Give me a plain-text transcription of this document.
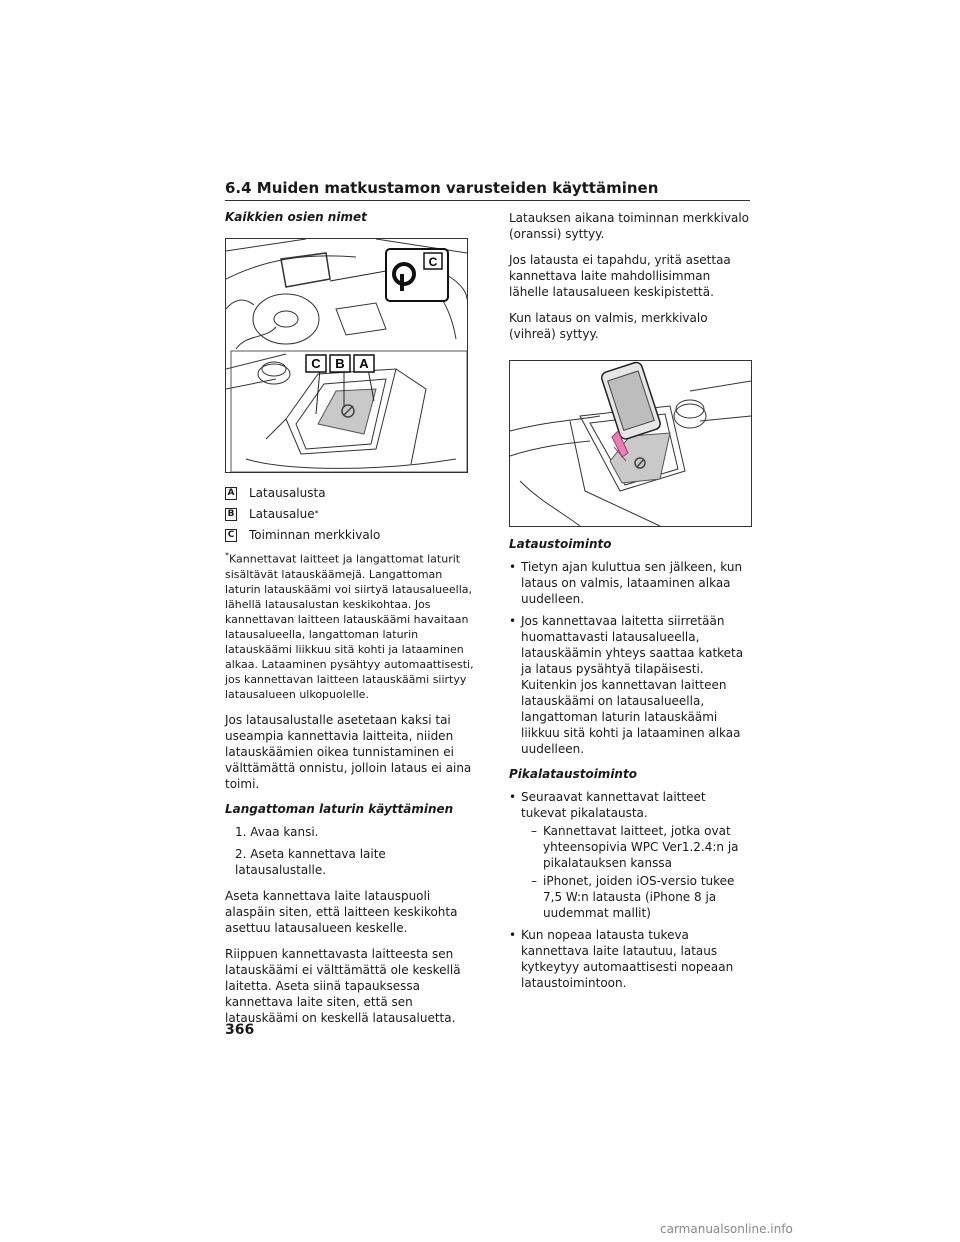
6.4 Muiden matkustamon varusteiden käyttäminen
Kaikkien osien nimet
C
C B A
A Latausalusta
B Latausalue *
C Toiminnan merkkivalo

*Kannettavat laitteet ja langattomat laturit sisältävät latauskäämejä. Langattoman laturin latauskäämi voi siirtyä latausalueella, lähellä latausalustan keskikohtaa. Jos kannettavan laitteen latauskäämi havaitaan latausalueella, langattoman laturin latauskäämi liikkuu sitä kohti ja lataaminen alkaa. Lataaminen pysähtyy automaattisesti, jos kannettavan laitteen latauskäämi siirtyy latausalueen ulkopuolelle.

Jos latausalustalle asetetaan kaksi tai useampia kannettavia laitteita, niiden latauskäämien oikea tunnistaminen ei välttämättä onnistu, jolloin lataus ei aina toimi.

Langattoman laturin käyttäminen
1. Avaa kansi.
2. Aseta kannettava laite latausalustalle.

Aseta kannettava laite latauspuoli alaspäin siten, että laitteen keskikohta asettuu latausalueen keskelle.

Riippuen kannettavasta laitteesta sen latauskäämi ei välttämättä ole keskellä laitetta. Aseta siinä tapauksessa kannettava laite siten, että sen latauskäämi on keskellä latausaluetta.

Latauksen aikana toiminnan merkkivalo (oranssi) syttyy.

Jos latausta ei tapahdu, yritä asettaa kannettava laite mahdollisimman lähelle latausalueen keskipistettä.

Kun lataus on valmis, merkkivalo (vihreä) syttyy.

Lataustoiminto
• Tietyn ajan kuluttua sen jälkeen, kun lataus on valmis, lataaminen alkaa uudelleen.
• Jos kannettavaa laitetta siirretään huomattavasti latausalueella, latauskäämin yhteys saattaa katketa ja lataus pysähtyä tilapäisesti. Kuitenkin jos kannettavan laitteen latauskäämi on latausalueella, langattoman laturin latauskäämi liikkuu sitä kohti ja lataaminen alkaa uudelleen.
Pikalataustoiminto
• Seuraavat kannettavat laitteet tukevat pikalatausta.
– Kannettavat laitteet, jotka ovat yhteensopivia WPC Ver1.2.4:n ja pikalatauksen kanssa
– iPhonet, joiden iOS-versio tukee 7,5 W:n latausta (iPhone 8 ja uudemmat mallit)
• Kun nopeaa latausta tukeva kannettava laite latautuu, lataus kytkeytyy automaattisesti nopeaan lataustoimintoon.
366
carmanualsonline.info
